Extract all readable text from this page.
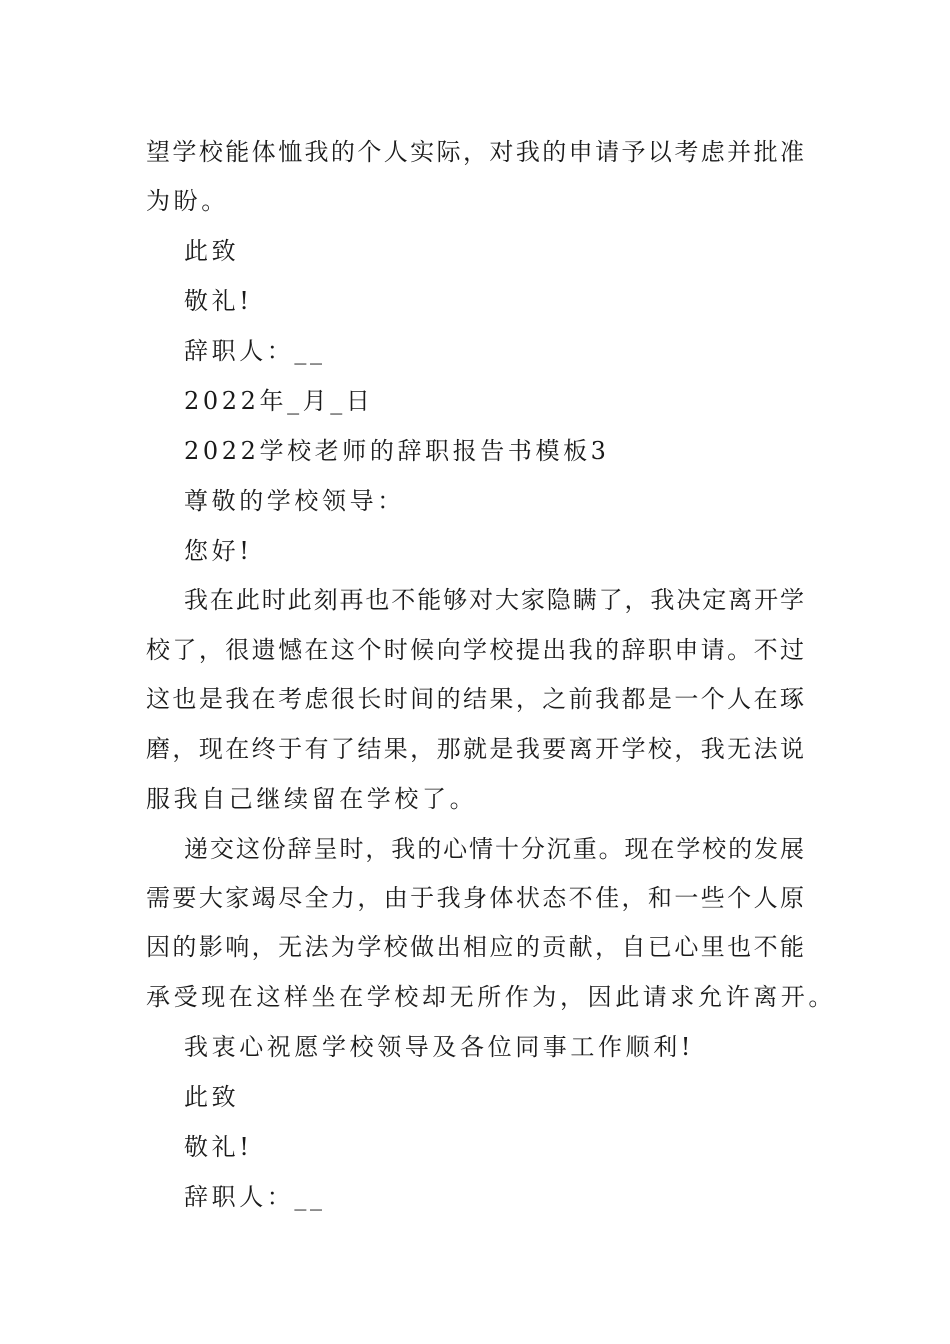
望学校能体恤我的个人实际，对我的申请予以考虑并批准
为盼。
此致
敬礼!
辞职人：__
2022年_月_日
2022学校老师的辞职报告书模板3
尊敬的学校领导：
您好!
我在此时此刻再也不能够对大家隐瞒了，我决定离开学
校了，很遗憾在这个时候向学校提出我的辞职申请。不过
这也是我在考虑很长时间的结果，之前我都是一个人在琢
磨，现在终于有了结果，那就是我要离开学校，我无法说
服我自己继续留在学校了。
递交这份辞呈时，我的心情十分沉重。现在学校的发展
需要大家竭尽全力，由于我身体状态不佳，和一些个人原
因的影响，无法为学校做出相应的贡献，自已心里也不能
承受现在这样坐在学校却无所作为，因此请求允许离开。
我衷心祝愿学校领导及各位同事工作顺利!
此致
敬礼!
辞职人：__
